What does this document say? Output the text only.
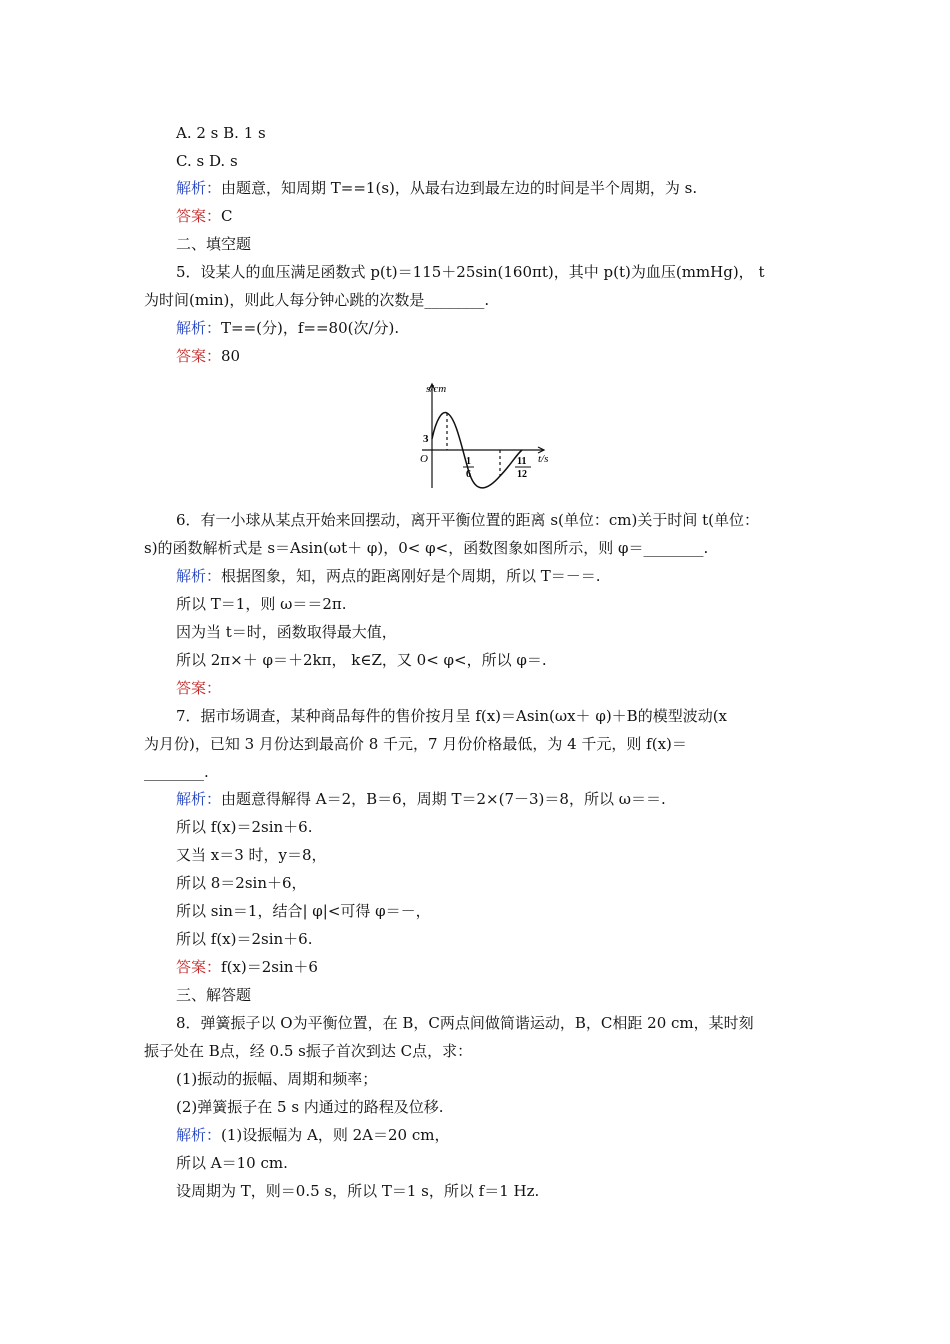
A. 2 s B. 1 s
C. s D. s
解析：由题意，知周期 T==1(s)，从最右边到最左边的时间是半个周期，为 s.
答案：C
二、填空题
5．设某人的血压满足函数式 p(t)＝115＋25sin(160πt)，其中 p(t)为血压(mmHg)， t
为时间(min)，则此人每分钟心跳的次数是________.
解析：T==(分)，f==80(次/分).
答案：80
s/cm
t/s
O
3
1
6
11
12
6．有一小球从某点开始来回摆动，离开平衡位置的距离 s(单位：cm)关于时间 t(单位：
s)的函数解析式是 s＝Asin(ωt＋ φ)，0< φ<，函数图象如图所示，则 φ＝________.
解析：根据图象，知，两点的距离刚好是个周期，所以 T＝－＝.
所以 T＝1，则 ω＝＝2π.
因为当 t＝时，函数取得最大值，
所以 2π×＋ φ＝＋2kπ， k∈Z，又 0< φ<，所以 φ＝.
答案：
7．据市场调查，某种商品每件的售价按月呈 f(x)＝Asin(ωx＋ φ)＋B的模型波动(x
为月份)，已知 3 月份达到最高价 8 千元，7 月份价格最低，为 4 千元，则 f(x)＝
________.
解析：由题意得解得 A＝2，B＝6，周期 T＝2×(7－3)＝8，所以 ω＝＝.
所以 f(x)＝2sin＋6.
又当 x＝3 时，y＝8，
所以 8＝2sin＋6，
所以 sin＝1，结合| φ|<可得 φ＝－，
所以 f(x)＝2sin＋6.
答案：f(x)＝2sin＋6
三、解答题
8．弹簧振子以 O为平衡位置，在 B，C两点间做简谐运动，B，C相距 20 cm，某时刻
振子处在 B点，经 0.5 s振子首次到达 C点，求：
(1)振动的振幅、周期和频率；
(2)弹簧振子在 5 s 内通过的路程及位移.
解析：(1)设振幅为 A，则 2A＝20 cm，
所以 A＝10 cm.
设周期为 T，则＝0.5 s，所以 T＝1 s，所以 f＝1 Hz.
